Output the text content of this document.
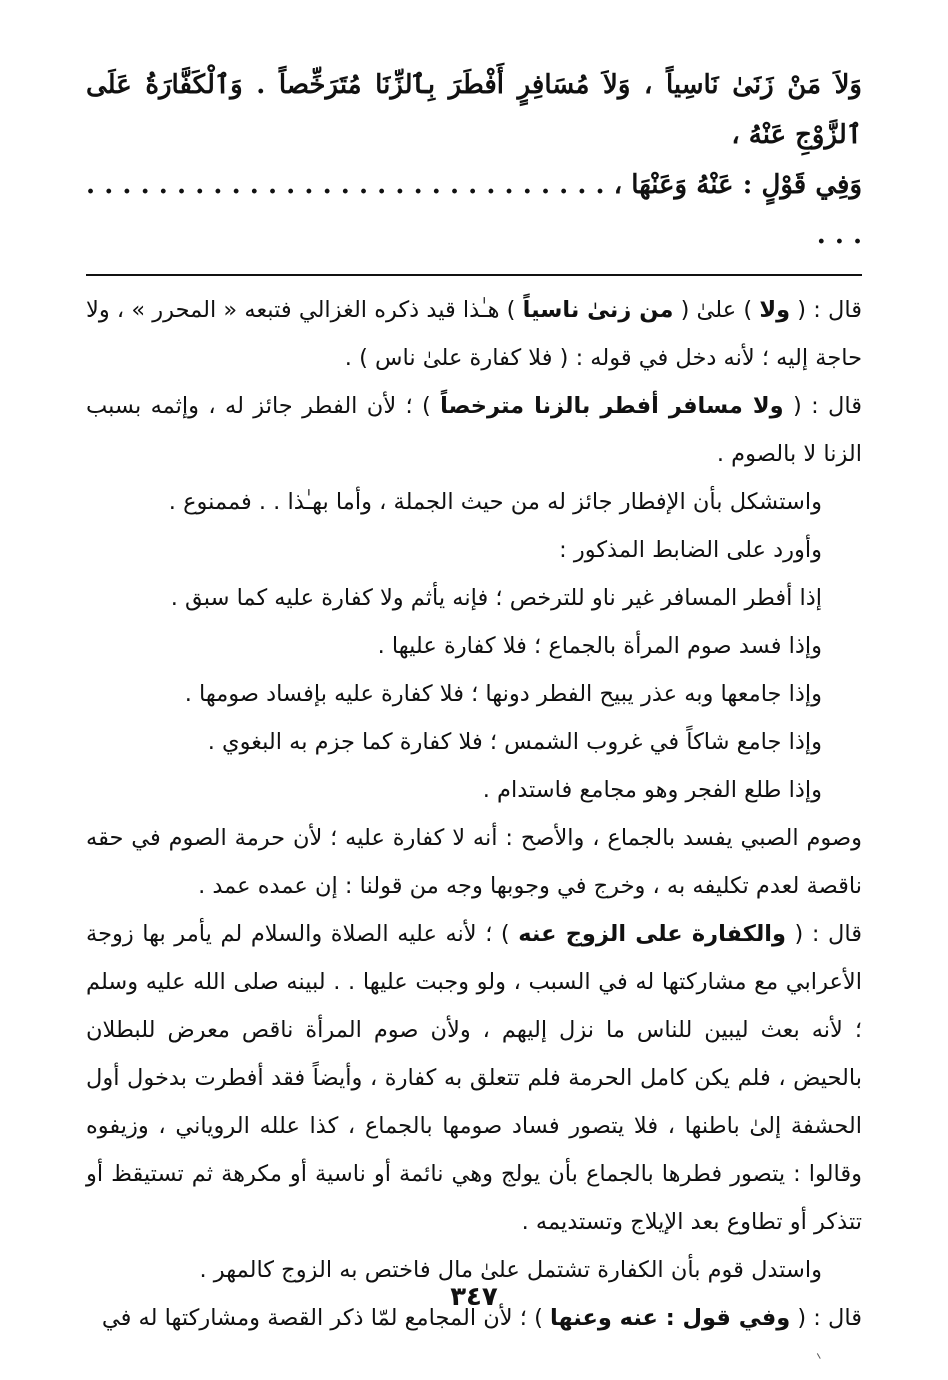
وَلاَ مَنْ زَنَىٰ نَاسِياً ، وَلاَ مُسَافِرٍ أَفْطَرَ بِٱلزِّنَا مُتَرَخِّصاً . وَٱلْكَفَّارَةُ عَلَى ٱلزَّوْجِ عَنْهُ ،

وَفِي قَوْلٍ : عَنْهُ وَعَنْهَا ، . . . . . . . . . . . . . . . . . . . . . . . . . . . . . . . .

قال : ( ولا ) علىٰ ( من زنىٰ ناسياً ) هـٰذا قيد ذكره الغزالي فتبعه « المحرر » ، ولا حاجة إليه ؛ لأنه دخل في قوله : ( فلا كفارة علىٰ ناس ) .

قال : ( ولا مسافر أفطر بالزنا مترخصاً ) ؛ لأن الفطر جائز له ، وإثمه بسبب الزنا لا بالصوم .

واستشكل بأن الإفطار جائز له من حيث الجملة ، وأما بهـٰذا . . فممنوع .

وأورد على الضابط المذكور :

إذا أفطر المسافر غير ناو للترخص ؛ فإنه يأثم ولا كفارة عليه كما سبق .

وإذا فسد صوم المرأة بالجماع ؛ فلا كفارة عليها .

وإذا جامعها وبه عذر يبيح الفطر دونها ؛ فلا كفارة عليه بإفساد صومها .

وإذا جامع شاكاً في غروب الشمس ؛ فلا كفارة كما جزم به البغوي .

وإذا طلع الفجر وهو مجامع فاستدام .

وصوم الصبي يفسد بالجماع ، والأصح : أنه لا كفارة عليه ؛ لأن حرمة الصوم في حقه ناقصة لعدم تكليفه به ، وخرج في وجوبها وجه من قولنا : إن عمده عمد .

قال : ( والكفارة على الزوج عنه ) ؛ لأنه عليه الصلاة والسلام لم يأمر بها زوجة الأعرابي مع مشاركتها له في السبب ، ولو وجبت عليها . . لبينه صلى الله عليه وسلم ؛ لأنه بعث ليبين للناس ما نزل إليهم ، ولأن صوم المرأة ناقص معرض للبطلان بالحيض ، فلم يكن كامل الحرمة فلم تتعلق به كفارة ، وأيضاً فقد أفطرت بدخول أول الحشفة إلىٰ باطنها ، فلا يتصور فساد صومها بالجماع ، كذا علله الروياني ، وزيفوه وقالوا : يتصور فطرها بالجماع بأن يولج وهي نائمة أو ناسية أو مكرهة ثم تستيقظ أو تتذكر أو تطاوع بعد الإيلاج وتستديمه .

واستدل قوم بأن الكفارة تشتمل علىٰ مال فاختص به الزوج كالمهر .

قال : ( وفي قول : عنه وعنها ) ؛ لأن المجامع لمّا ذكر القصة ومشاركتها له في

٣٤٧
